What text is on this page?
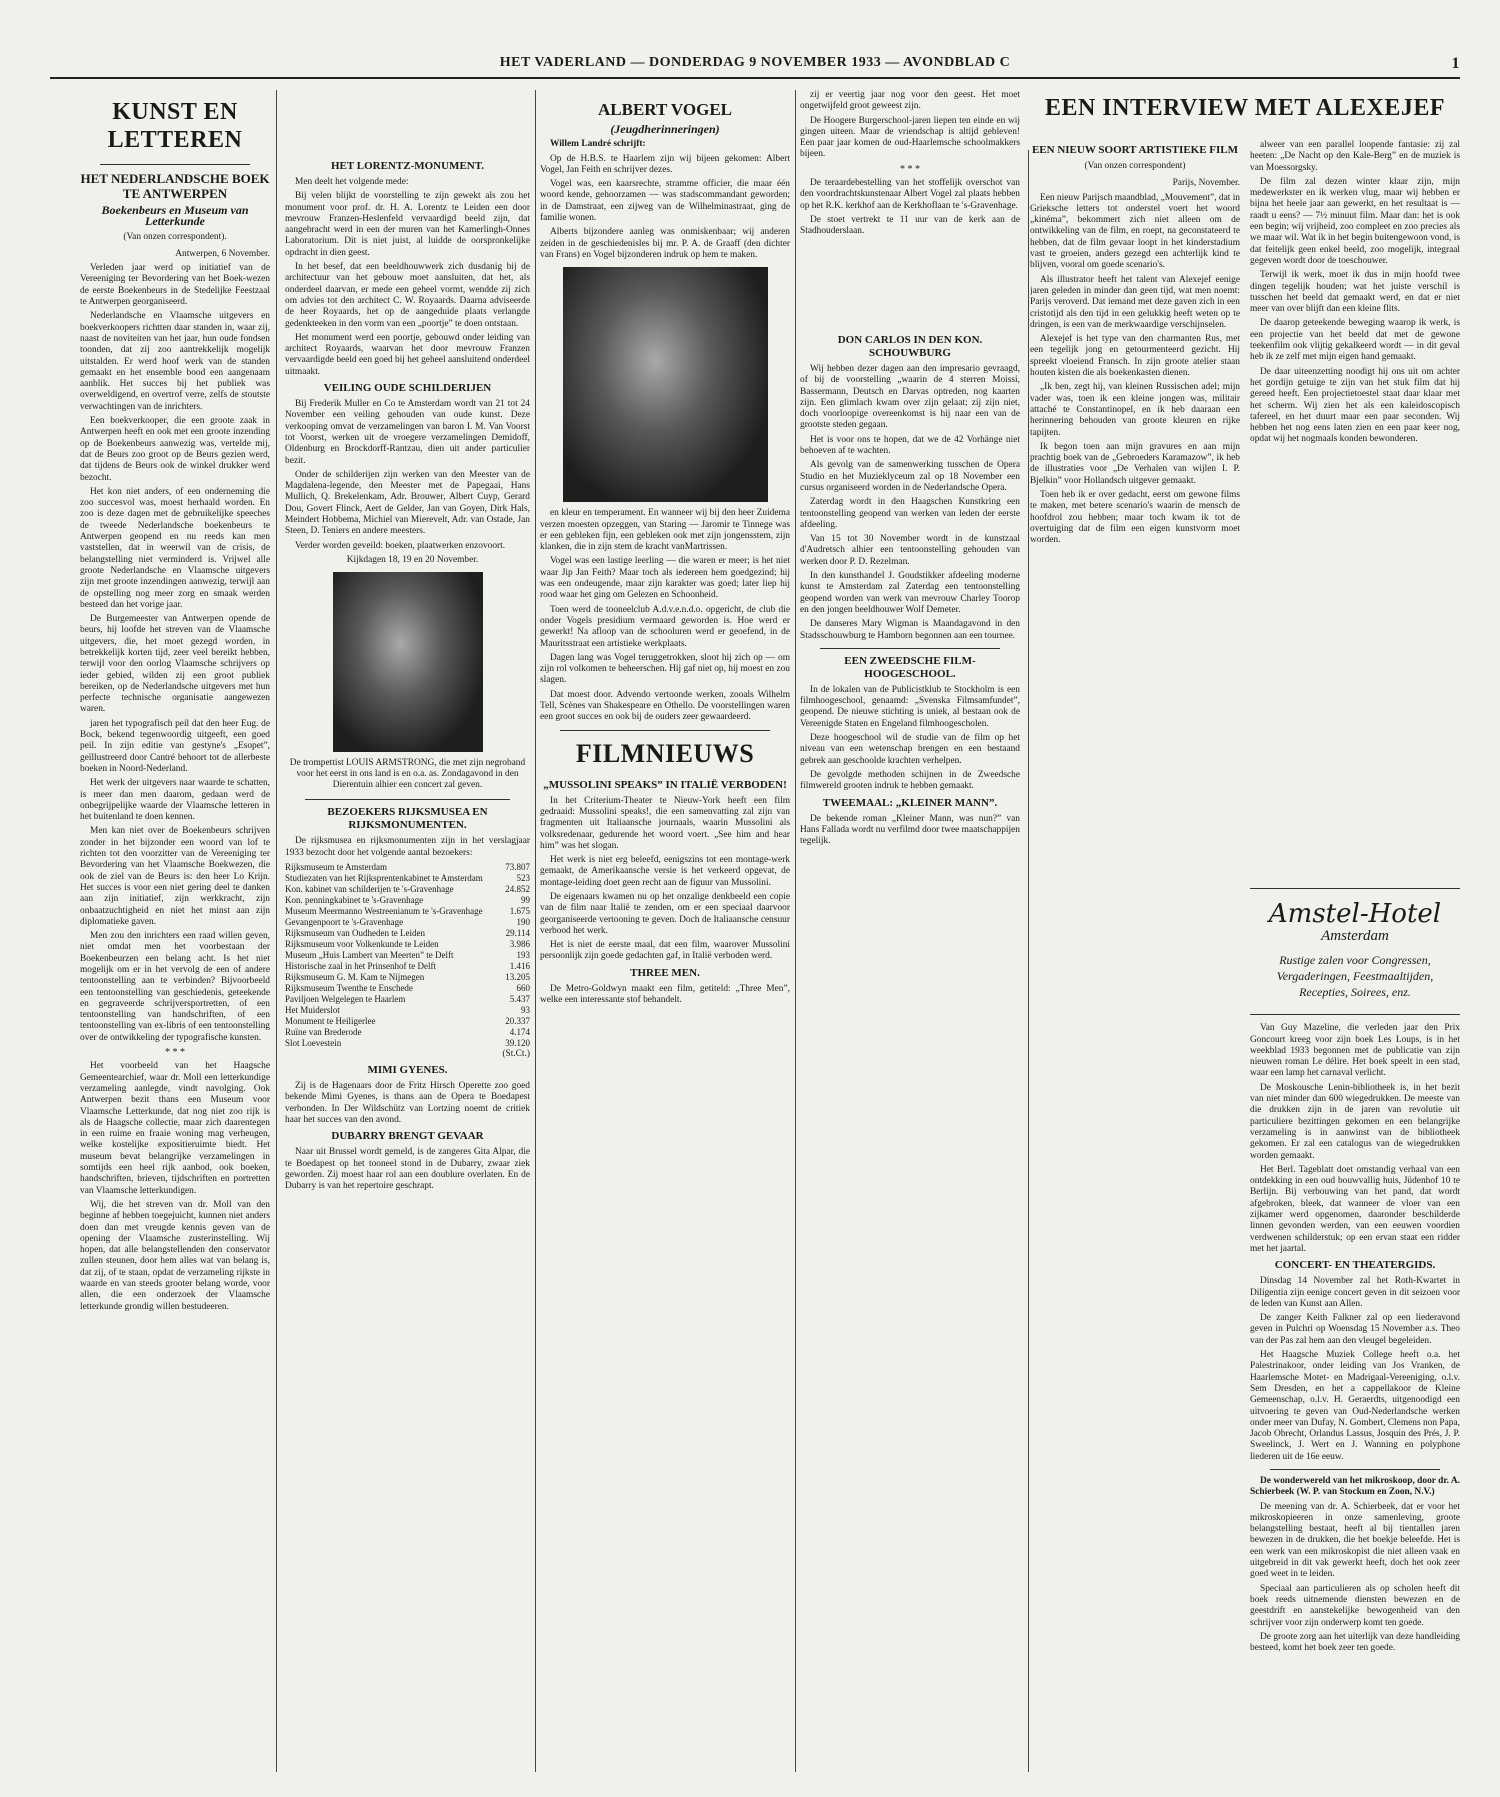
HET VADERLAND — DONDERDAG 9 NOVEMBER 1933 — AVONDBLAD C	1
KUNST EN LETTEREN
HET NEDERLANDSCHE BOEK TE ANTWERPEN
Boekenbeurs en Museum van Letterkunde
(Van onzen correspondent).

Antwerpen, 6 November.

Verleden jaar werd op initiatief van de Vereeniging ter Bevordering van het Boek-wezen de eerste Boekenbeurs in de Stedelijke Feestzaal te Antwerpen georganiseerd.

Nederlandsche en Vlaamsche uitgevers en boekverkoopers richtten daar standen in, waar zij, naast de noviteiten van het jaar, hun oude fondsen toonden, dat zij zoo aantrekkelijk mogelijk uitstalden. Er werd hoof werk van de standen gemaakt en het ensemble bood een aangenaam aanblik. Het succes bij het publiek was overweldigend, en overtrof verre, zelfs de stoutste verwachtingen van de inrichters.

Een boekverkooper, die een groote zaak in Antwerpen heeft en ook met een groote inzending op de Boekenbeurs aanwezig was, vertelde mij, dat de Beurs zoo groot op de Beurs gezien werd, dat tijdens de Beurs ook de winkel drukker werd bezocht.

Het kon niet anders, of een onderneming die zoo succesvol was, moest herhaald worden. En zoo is deze dagen met de gebruikelijke speeches de tweede Nederlandsche boekenbeurs te Antwerpen geopend en nu reeds kan men vaststellen, dat in weerwil van de crisis, de belangstelling niet verminderd is. Vrijwel alle groote Nederlandsche en Vlaamsche uitgevers zijn met groote inzendingen aanwezig, terwijl aan de opstelling nog meer zorg en smaak werden besteed dan het vorige jaar.

De Burgemeester van Antwerpen opende de beurs, hij loofde het streven van de Vlaamsche uitgevers, die, het moet gezegd worden, in betrekkelijk korten tijd, zeer veel bereikt hebben, terwijl voor den oorlog Vlaamsche schrijvers op ieder gebied, wilden zij een groot publiek bereiken, op de Nederlandsche uitgevers met hun perfecte technische organisatie aangewezen waren.

jaren het typografisch peil dat den heer Eug. de Bock, bekend tegenwoordig uitgeeft, een goed peil. In zijn editie van gestyne's „Esopet”, geïllustreerd door Cantré behoort tot de allerbeste boeken in Noord-Nederland.

Het werk der uitgevers naar waarde te schatten, is meer dan men daarom, gedaan werd de onbegrijpelijke waarde der Vlaamsche letteren in het buitenland te doen kennen.

Men kan niet over de Boekenbeurs schrijven zonder in het bijzonder een woord van lof te richten tot den voorzitter van de Vereeniging ter Bevordering van het Vlaamsche Boekwezen, die ook de ziel van de Beurs is: den heer Lo Krijn. Het succes is voor een niet gering deel te danken aan zijn initiatief, zijn werkkracht, zijn onbaatzuchtigheid en niet het minst aan zijn diplomatieke gaven.

Men zou den inrichters een raad willen geven, niet omdat men het voorbestaan der Boekenbeurzen een belang acht. Is het niet mogelijk om er in het vervolg de een of andere tentoonstelling aan te verbinden? Bijvoorbeeld een tentoonstelling van geschiedenis, geteekende en gegraveerde schrijversportretten, of een tentoonstelling van handschriften, of een tentoonstelling van ex-libris of een tentoonstelling over de ontwikkeling der typografische kunsten.

* * *

Het voorbeeld van het Haagsche Gemeentearchief, waar dr. Moll een letterkundige verzameling aanlegde, vindt navolging. Ook Antwerpen bezit thans een Museum voor Vlaamsche Letterkunde, dat nog niet zoo rijk is als de Haagsche collectie, maar zich daarentegen in een ruime en fraaie woning mag verheugen, welke kostelijke expositieruimte biedt. Het museum bevat belangrijke verzamelingen in somtijds een heel rijk aanbod, ook boeken, handschriften, brieven, tijdschriften en portretten van Vlaamsche letterkundigen.

Wij, die het streven van dr. Moll van den beginne af hebben toegejuicht, kunnen niet anders doen dan met vreugde kennis geven van de opening der Vlaamsche zusterinstelling. Wij hopen, dat alle belangstellenden den conservator zullen steunen, door hem alles wat van belang is, dat zij, of te staan, opdat de verzameling rijkste in waarde en van steeds grooter belang worde, voor allen, die een onderzoek der Vlaamsche letterkunde grondig willen bestudeeren.

HET LORENTZ-MONUMENT.

Men deelt het volgende mede:

Bij velen blijkt de voorstelling te zijn gewekt als zou het monument voor prof. dr. H. A. Lorentz te Leiden een door mevrouw Franzen-Heslenfeld vervaardigd beeld zijn, dat aangebracht werd in een der muren van het Kamerlingh-Onnes Laboratorium. Dit is niet juist, al luidde de oorspronkelijke opdracht in dien geest.

In het besef, dat een beeldhouwwerk zich dusdanig bij de architectuur van het gebouw moet aansluiten, dat het, als onderdeel daarvan, er mede een geheel vormt, wendde zij zich om advies tot den architect C. W. Royaards. Daarna adviseerde de heer Royaards, het op de aangeduide plaats verlangde gedenkteeken in den vorm van een „poortje” te doen ontstaan.

Het monument werd een poortje, gebouwd onder leiding van architect Royaards, waarvan het door mevrouw Franzen vervaardigde beeld een goed bij het geheel aansluitend onderdeel uitmaakt.

VEILING OUDE SCHILDERIJEN

Bij Frederik Muller en Co te Amsterdam wordt van 21 tot 24 November een veiling gehouden van oude kunst. Deze verkooping omvat de verzamelingen van baron I. M. Van Voorst tot Voorst, werken uit de vroegere verzamelingen Demidoff, Oldenburg en Brockdorff-Rantzau, dien uit ander particulier bezit.

Onder de schilderijen zijn werken van den Meester van de Magdalena-legende, den Meester met de Papegaai, Hans Mullich, Q. Brekelenkam, Adr. Brouwer, Albert Cuyp, Gerard Dou, Govert Flinck, Aert de Gelder, Jan van Goyen, Dirk Hals, Meindert Hobbema, Michiel van Mierevelt, Adr. van Ostade, Jan Steen, D. Teniers en andere meesters.

Verder worden geveild: boeken, plaatwerken enzovoort.

Kijkdagen 18, 19 en 20 November.

De trompettist LOUIS ARMSTRONG, die met zijn negroband voor het eerst in ons land is en o.a. as. Zondagavond in den Dierentuin alhier een concert zal geven.
BEZOEKERS RIJKSMUSEA EN RIJKSMONUMENTEN.

De rijksmusea en rijksmonumenten zijn in het verslagjaar 1933 bezocht door het volgende aantal bezoekers:

Rijksmuseum te Amsterdam	73.807
Studiezaten van het Rijksprentenkabinet te Amsterdam	523
Kon. kabinet van schilderijen te 's-Gravenhage	24.852
Kon. penningkabinet te 's-Gravenhage	99
Museum Meermanno Westreenianum te 's-Gravenhage	1.675
Gevangenpoort te 's-Gravenhage	190
Rijksmuseum van Oudheden te Leiden	29.114
Rijksmuseum voor Volkenkunde te Leiden	3.986
Museum „Huis Lambert van Meerten” te Delft	193
Historische zaal in het Prinsenhof te Delft	1.416
Rijksmuseum G. M. Kam te Nijmegen	13.205
Rijksmuseum Twenthe te Enschede	660
Paviljoen Welgelegen te Haarlem	5.437
Het Muiderslot	93
Monument te Heiligerlee	20.337
Ruïne van Brederode	4.174
Slot Loevestein	39.120
(St.Ct.)
MIMI GYENES.

Zij is de Hagenaars door de Fritz Hirsch Operette zoo goed bekende Mimi Gyenes, is thans aan de Opera te Boedapest verbonden. In Der Wildschütz van Lortzing noemt de critiek haar het succes van den avond.

DUBARRY BRENGT GEVAAR

Naar uit Brussel wordt gemeld, is de zangeres Gita Alpar, die te Boedapest op het tooneel stond in de Dubarry, zwaar ziek geworden. Zij moest haar rol aan een doublure overlaten. En de Dubarry is van het repertoire geschrapt.

ALBERT VOGEL
(Jeugdherinneringen)

Willem Landré schrijft:

Op de H.B.S. te Haarlem zijn wij bijeen gekomen: Albert Vogel, Jan Feith en schrijver dezes.

Vogel was, een kaarsrechte, stramme officier, die maar één woord kende, gehoorzamen — was stadscommandant geworden; in de Damstraat, een zijweg van de Wilhelminastraat, ging de familie wonen.

Alberts bijzondere aanleg was onmiskenbaar; wij anderen zeiden in de geschiedenisles bij mr. P. A. de Graaff (den dichter van Frans) en Vogel bijzonderen indruk op hem te maken.

en kleur en temperament. En wanneer wij bij den heer Zuidema verzen moesten opzeggen, van Staring — Jaromir te Tinnege was er een gebleken fijn, een gebleken ook met zijn jongensstem, zijn klanken, die in zijn stem de kracht vanMartrissen.

Vogel was een lastige leerling — die waren er meer; is het niet waar Jip Jan Feith? Maar toch als iedereen hem goedgezind; hij was een ondeugende, maar zijn karakter was goed; later liep hij rood waar het ging om Gelezen en Schoonheid.

Toen werd de tooneelclub A.d.v.e.n.d.o. opgericht, de club die onder Vogels presidium vermaard geworden is. Hoe werd er gewerkt! Na afloop van de schooluren werd er geoefend, in de Mauritsstraat een artistieke werkplaats.

Dagen lang was Vogel teruggetrokken, sloot hij zich op — om zijn rol volkomen te beheerschen. Hij gaf niet op, hij moest en zou slagen.

Dat moest door. Advendo vertoonde werken, zooals Wilhelm Tell, Scènes van Shakespeare en Othello. De voorstellingen waren een groot succes en ook bij de ouders zeer gewaardeerd.

FILMNIEUWS
„MUSSOLINI SPEAKS” IN ITALIË VERBODEN!

In het Criterium-Theater te Nieuw-York heeft een film gedraaid: Mussolini speaks!, die een samenvatting zal zijn van fragmenten uit Italiaansche journaals, waarin Mussolini als volksredenaar, gedurende het woord voert. „See him and hear him” was het slogan.

Het werk is niet erg beleefd, eenigszins tot een montage-werk gemaakt, de Amerikaansche versie is het verkeerd opgevat, de montage-leiding doet geen recht aan de figuur van Mussolini.

De eigenaars kwamen nu op het onzalige denkbeeld een copie van de film naar Italië te zenden, om er een speciaal daarvoor georganiseerde vertooning te geven. Doch de Italiaansche censuur verbood het werk.

Het is niet de eerste maal, dat een film, waarover Mussolini persoonlijk zijn goede gedachten gaf, in Italië verboden werd.

THREE MEN.

De Metro-Goldwyn maakt een film, getiteld: „Three Men”, welke een interessante stof behandelt.

zij er veertig jaar nog voor den geest. Het moet ongetwijfeld groot geweest zijn.

De Hoogere Burgerschool-jaren liepen ten einde en wij gingen uiteen. Maar de vriendschap is altijd gebleven! Een paar jaar komen de oud-Haarlemsche schoolmakkers bijeen.

* * *

De teraardebestelling van het stoffelijk overschot van den voordrachtskunstenaar Albert Vogel zal plaats hebben op het R.K. kerkhof aan de Kerkhoflaan te 's-Gravenhage.

De stoet vertrekt te 11 uur van de kerk aan de Stadhouderslaan.

EEN INTERVIEW MET ALEXEJEF
EEN NIEUW SOORT ARTISTIEKE FILM
(Van onzen correspondent)

Parijs, November.

Een nieuw Parijsch maandblad, „Mouvement”, dat in Grieksche letters tot onderstel voert het woord „kinéma”, bekommert zich niet alleen om de ontwikkeling van de film, en roept, na geconstateerd te hebben, dat de film gevaar loopt in het kinderstadium vast te groeien, anders gezegd een achterlijk kind te blijven, vooral om goede scenario's.

Als illustrator heeft het talent van Alexejef eenige jaren geleden in minder dan geen tijd, wat men noemt: Parijs veroverd. Dat iemand met deze gaven zich in een cristotijd als den tijd in een gelukkig heeft weten op te dringen, is een van de merkwaardige verschijnselen.

Alexejef is het type van den charmanten Rus, met een tegelijk jong en getourmenteerd gezicht. Hij spreekt vloeiend Fransch. In zijn groote atelier staan houten kisten die als boekenkasten dienen.

„Ik ben, zegt hij, van kleinen Russischen adel; mijn vader was, toen ik een kleine jongen was, militair attaché te Constantinopel, en ik heb daaraan een herinnering behouden van groote kleuren en rijke tapijten.

Ik begon toen aan mijn gravures en aan mijn prachtig boek van de „Gebroeders Karamazow”, ik heb de illustraties voor „De Verhalen van wijlen I. P. Bjelkin” voor Hollandsch uitgever gemaakt.

Toen heb ik er over gedacht, eerst om gewone films te maken, met betere scenario's waarin de mensch de hoofdrol zou hebben; maar toch kwam ik tot de overtuiging dat de film een eigen kunstvorm moet worden.

DON CARLOS IN DEN KON. SCHOUWBURG

Wij hebben dezer dagen aan den impresario gevraagd, of bij de voorstelling „waarin de 4 sterren Moissi, Bassermann, Deutsch en Darvas optreden, nog kaarten zijn. Een glimlach kwam over zijn gelaat; zij zijn niet, doch voorloopige overeenkomst is hij naar een van de grootste steden gegaan.

Het is voor ons te hopen, dat we de 42 Vorhänge niet behoeven af te wachten.

Als gevolg van de samenwerking tusschen de Opera Studio en het Muzieklyceum zal op 18 November een cursus organiseerd worden in de Nederlandsche Opera.

Zaterdag wordt in den Haagschen Kunstkring een tentoonstelling geopend van werken van leden der eerste afdeeling.

Van 15 tot 30 November wordt in de kunstzaal d'Audretsch alhier een tentoonstelling gehouden van werken door P. D. Rezelman.

In den kunsthandel J. Goudstikker afdeeling moderne kunst te Amsterdam zal Zaterdag een tentoonstelling geopend worden van werk van mevrouw Charley Toorop en den jongen beeldhouwer Wolf Demeter.

De danseres Mary Wigman is Maandagavond in den Stadsschouwburg te Hamborn begonnen aan een tournee.

EEN ZWEEDSCHE FILM-HOOGESCHOOL.

In de lokalen van de Publicistklub te Stockholm is een filmhoogeschool, genaamd: „Svenska Filmsamfundet”, geopend. De nieuwe stichting is uniek, al bestaan ook de Vereenigde Staten en Engeland filmhoogescholen.

Deze hoogeschool wil de studie van de film op het niveau van een wetenschap brengen en een bestaand gebrek aan geschoolde krachten verhelpen.

De gevolgde methoden schijnen in de Zweedsche filmwereld grooten indruk te hebben gemaakt.

TWEEMAAL: „KLEINER MANN”.

De bekende roman „Kleiner Mann, was nun?” van Hans Fallada wordt nu verfilmd door twee maatschappijen tegelijk.

alweer van een parallel loopende fantasie: zij zal heeten: „De Nacht op den Kale-Berg” en de muziek is van Moessorgsky.

De film zal dezen winter klaar zijn, mijn medewerkster en ik werken vlug, maar wij hebben er bijna het heele jaar aan gewerkt, en het resultaat is — raadt u eens? — 7½ minuut film. Maar dan: het is ook een begin; wij vrijheid, zoo compleet en zoo precies als we maar wil. Wat ik in het begin buitengewoon vond, is dat feitelijk geen enkel beeld, zoo mogelijk, integraal gegeven wordt door de toeschouwer.

Terwijl ik werk, moet ik dus in mijn hoofd twee dingen tegelijk houden; wat het juiste verschil is tusschen het beeld dat gemaakt werd, en dat er niet meer van over blijft dan een kleine flits.

De daarop geteekende beweging waarop ik werk, is een projectie van het beeld dat met de gewone teekenfilm ook vlijtig gekalkeerd wordt — in dit geval heb ik ze zelf met mijn eigen hand gemaakt.

De daar uiteenzetting noodigt hij ons uit om achter het gordijn getuige te zijn van het stuk film dat hij gereed heeft. Een projectietoestel staat daar klaar met het scherm. Wij zien het als een kaleidoscopisch tafereel, en het duurt maar een paar seconden. Wij hebben het nog eens laten zien en een paar keer nog, opdat wij het nogmaals konden bewonderen.

Amstel-Hotel
Amsterdam
Rustige zalen voor Congressen,
Vergaderingen, Feestmaaltijden,
Recepties, Soirees, enz.

Van Guy Mazeline, die verleden jaar den Prix Goncourt kreeg voor zijn boek Les Loups, is in het weekblad 1933 begonnen met de publicatie van zijn nieuwen roman Le délire. Het boek speelt in een stad, waar een lamp het carnaval verlicht.

De Moskousche Lenin-bibliotheek is, in het bezit van niet minder dan 600 wiegedrukken. De meeste van die drukken zijn in de jaren van revolutie uit particuliere bezittingen gekomen en een belangrijke verzameling is in aanwinst van de bibliotheek gekomen. Er zal een catalogus van de wiegedrukken worden gemaakt.

Het Berl. Tageblatt doet omstandig verhaal van een ontdekking in een oud bouwvallig huis, Jüdenhof 10 te Berlijn. Bij verbouwing van het pand, dat wordt afgebroken, bleek, dat wanneer de vloer van een zijkamer werd opgenomen, daaronder beschilderde linnen gevonden werden, van een eeuwen voordien verdwenen schilderstuk; op een ervan staat een ridder met het jaartal.

CONCERT- EN THEATERGIDS.

Dinsdag 14 November zal het Roth-Kwartet in Diligentia zijn eenige concert geven in dit seizoen voor de leden van Kunst aan Allen.

De zanger Keith Falkner zal op een liederavond geven in Pulchri op Woensdag 15 November a.s. Theo van der Pas zal hem aan den vleugel begeleiden.

Het Haagsche Muziek College heeft o.a. het Palestrinakoor, onder leiding van Jos Vranken, de Haarlemsche Motet- en Madrigaal-Vereeniging, o.l.v. Sem Dresden, en het a cappellakoor de Kleine Gemeenschap, o.l.v. H. Geraerdts, uitgenoodigd een uitvoering te geven van Oud-Nederlandsche werken onder meer van Dufay, N. Gombert, Clemens non Papa, Jacob Obrecht, Orlandus Lassus, Josquin des Prés, J. P. Sweelinck, J. Wert en J. Wanning en polyphone liederen uit de 16e eeuw.

De wonderwereld van het mikroskoop, door dr. A. Schierbeek (W. P. van Stockum en Zoon, N.V.)

De meening van dr. A. Schierbeek, dat er voor het mikroskopieeren in onze samenleving, groote belangstelling bestaat, heeft al bij tientallen jaren bewezen in de drukken, die het boekje beleefde. Het is een werk van een mikroskopist die niet alleen vaak en uitgebreid in dit vak gewerkt heeft, doch het ook zeer goed weet in te leiden.

Speciaal aan particulieren als op scholen heeft dit boek reeds uitnemende diensten bewezen en de geestdrift en aanstekelijke bewogenheid van den schrijver voor zijn onderwerp komt ten goede.

De groote zorg aan het uiterlijk van deze handleiding besteed, komt het boek zeer ten goede.
